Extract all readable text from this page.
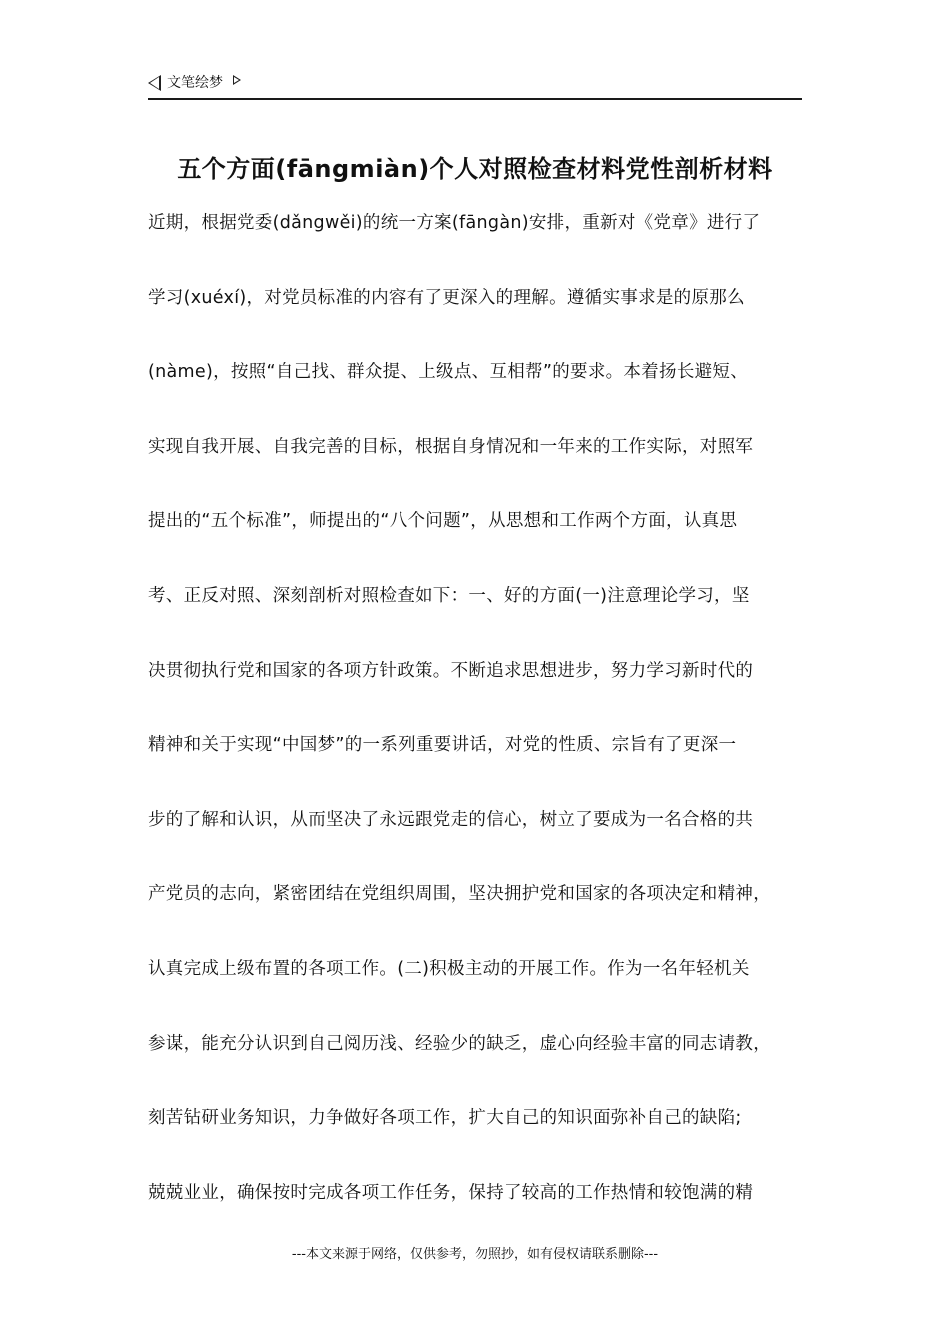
文笔绘梦
五个方面(fāngmiàn)个人对照检查材料党性剖析材料
近期，根据党委(dǎngwěi)的统一方案(fāngàn)安排，重新对《党章》进行了
学习(xuéxí)，对党员标准的内容有了更深入的理解。遵循实事求是的原那么
(nàme)，按照“自己找、群众提、上级点、互相帮”的要求。本着扬长避短、
实现自我开展、自我完善的目标，根据自身情况和一年来的工作实际，对照军
提出的“五个标准”，师提出的“八个问题”，从思想和工作两个方面，认真思
考、正反对照、深刻剖析对照检查如下：一、好的方面(一)注意理论学习，坚
决贯彻执行党和国家的各项方针政策。不断追求思想进步，努力学习新时代的
精神和关于实现“中国梦”的一系列重要讲话，对党的性质、宗旨有了更深一
步的了解和认识，从而坚决了永远跟党走的信心，树立了要成为一名合格的共
产党员的志向，紧密团结在党组织周围，坚决拥护党和国家的各项决定和精神，
认真完成上级布置的各项工作。(二)积极主动的开展工作。作为一名年轻机关
参谋，能充分认识到自己阅历浅、经验少的缺乏，虚心向经验丰富的同志请教，
刻苦钻研业务知识，力争做好各项工作，扩大自己的知识面弥补自己的缺陷;
兢兢业业，确保按时完成各项工作任务，保持了较高的工作热情和较饱满的精
---本文来源于网络，仅供参考，勿照抄，如有侵权请联系删除---
